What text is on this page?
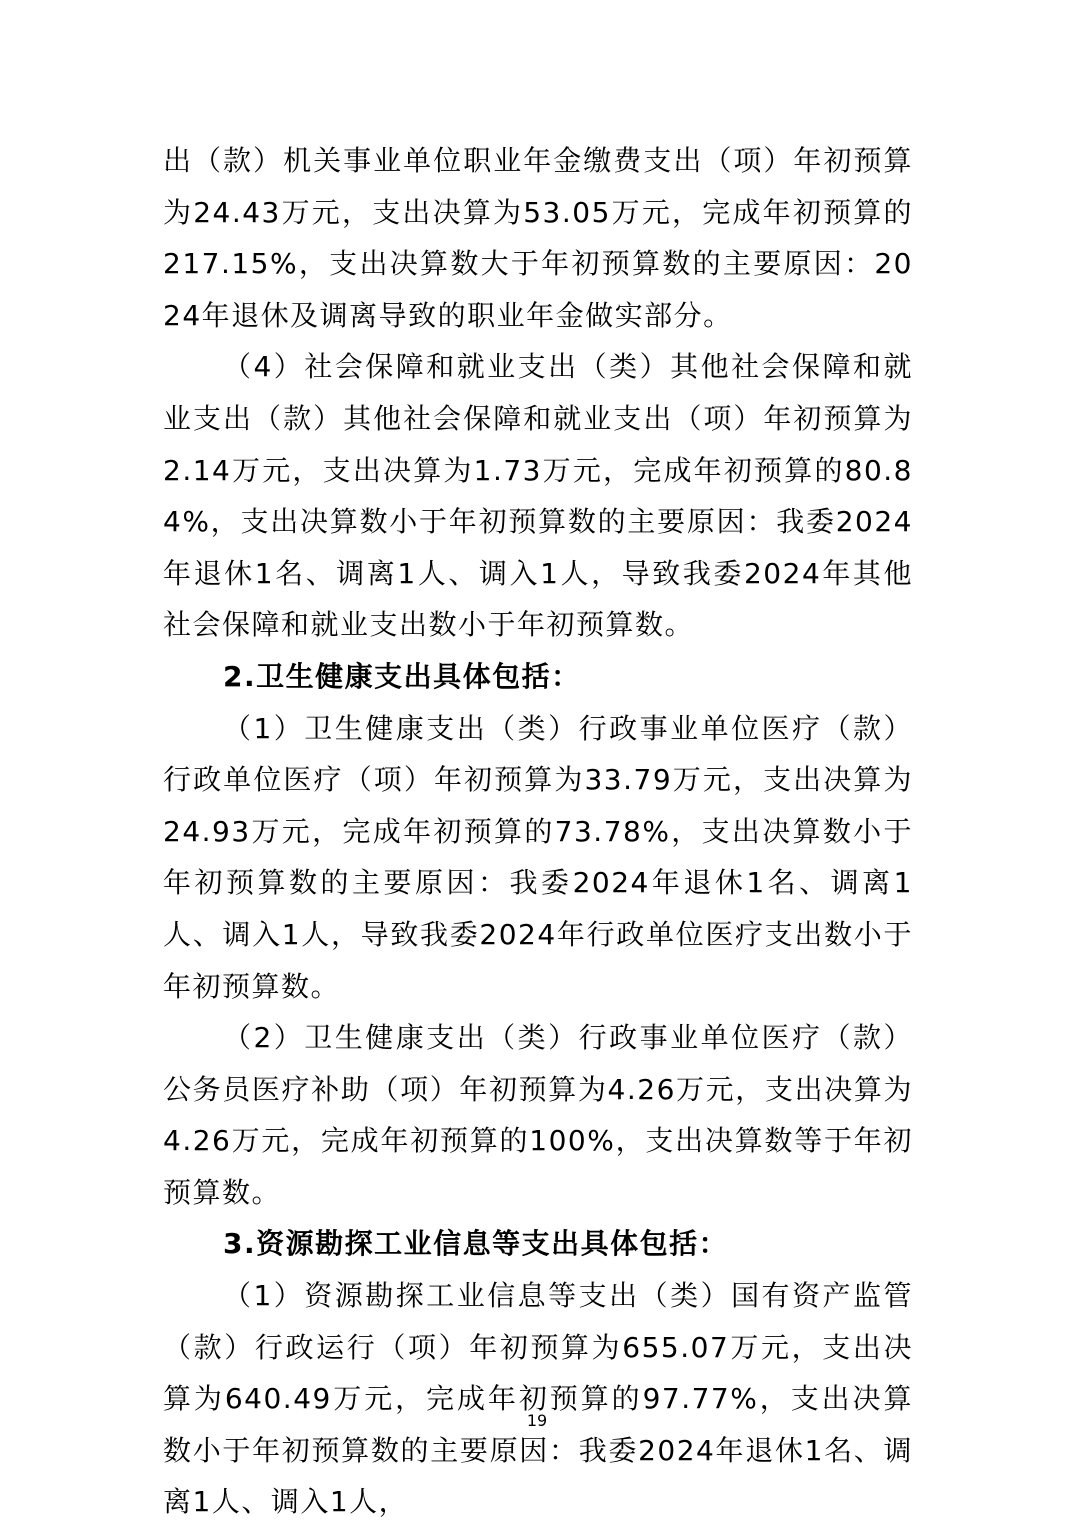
出（款）机关事业单位职业年金缴费支出（项）年初预算为24.43万元，支出决算为53.05万元，完成年初预算的217.15%，支出决算数大于年初预算数的主要原因：2024年退休及调离导致的职业年金做实部分。

（4）社会保障和就业支出（类）其他社会保障和就业支出（款）其他社会保障和就业支出（项）年初预算为2.14万元，支出决算为1.73万元，完成年初预算的80.84%，支出决算数小于年初预算数的主要原因：我委2024年退休1名、调离1人、调入1人，导致我委2024年其他社会保障和就业支出数小于年初预算数。

2.卫生健康支出具体包括：

（1）卫生健康支出（类）行政事业单位医疗（款）行政单位医疗（项）年初预算为33.79万元，支出决算为24.93万元，完成年初预算的73.78%，支出决算数小于年初预算数的主要原因：我委2024年退休1名、调离1人、调入1人，导致我委2024年行政单位医疗支出数小于年初预算数。

（2）卫生健康支出（类）行政事业单位医疗（款）公务员医疗补助（项）年初预算为4.26万元，支出决算为4.26万元，完成年初预算的100%，支出决算数等于年初预算数。

3.资源勘探工业信息等支出具体包括：

（1）资源勘探工业信息等支出（类）国有资产监管（款）行政运行（项）年初预算为655.07万元，支出决算为640.49万元，完成年初预算的97.77%，支出决算数小于年初预算数的主要原因：我委2024年退休1名、调离1人、调入1人，

19
